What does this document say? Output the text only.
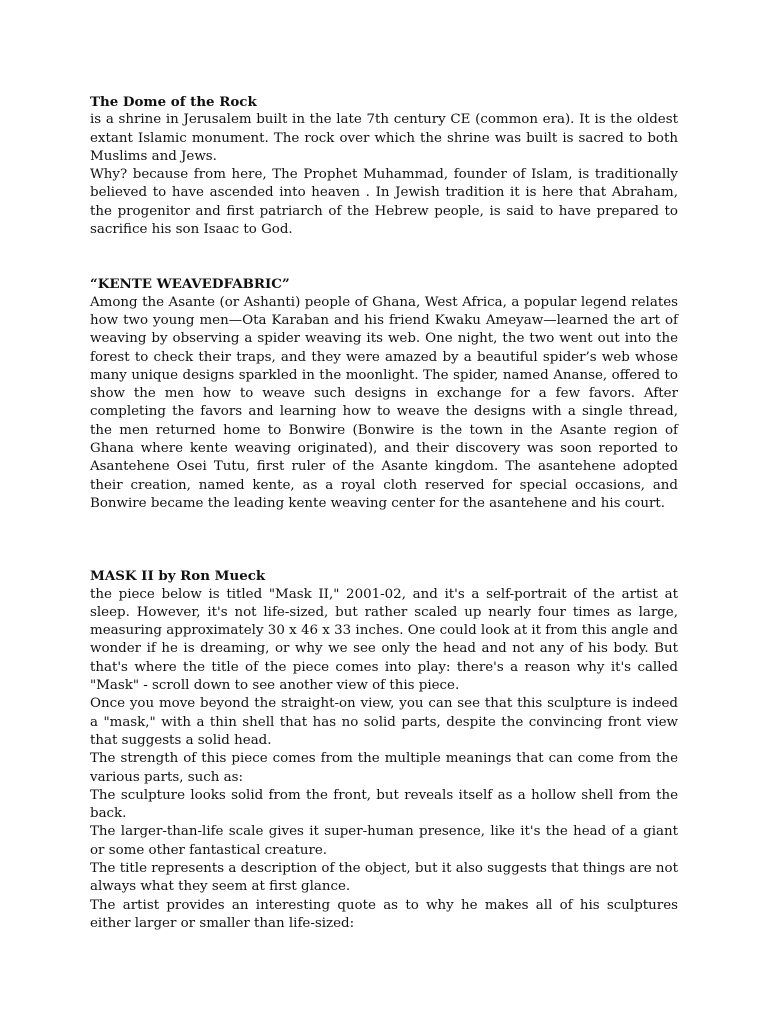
The Dome of the Rock

is a shrine in Jerusalem built in the late 7th century CE (common era). It is the oldest extant Islamic monument. The rock over which the shrine was built is sacred to both Muslims and Jews.

Why? because from here, The Prophet Muhammad, founder of Islam, is traditionally believed to have ascended into heaven . In Jewish tradition it is here that Abraham, the progenitor and first patriarch of the Hebrew people, is said to have prepared to sacrifice his son Isaac to God.

“KENTE WEAVEDFABRIC”

Among the Asante (or Ashanti) people of Ghana, West Africa, a popular legend relates how two young men—Ota Karaban and his friend Kwaku Ameyaw—learned the art of weaving by observing a spider weaving its web. One night, the two went out into the forest to check their traps, and they were amazed by a beautiful spider’s web whose many unique designs sparkled in the moonlight. The spider, named Ananse, offered to show the men how to weave such designs in exchange for a few favors. After completing the favors and learning how to weave the designs with a single thread, the men returned home to Bonwire (Bonwire is the town in the Asante region of Ghana where kente weaving originated), and their discovery was soon reported to Asantehene Osei Tutu, first ruler of the Asante kingdom. The asantehene adopted their creation, named kente, as a royal cloth reserved for special occasions, and Bonwire became the leading kente weaving center for the asantehene and his court.

MASK II by Ron Mueck

the piece below is titled "Mask II," 2001-02, and it's a self-portrait of the artist at sleep. However, it's not life-sized, but rather scaled up nearly four times as large, measuring approximately 30 x 46 x 33 inches. One could look at it from this angle and wonder if he is dreaming, or why we see only the head and not any of his body. But that's where the title of the piece comes into play: there's a reason why it's called "Mask" - scroll down to see another view of this piece.

Once you move beyond the straight-on view, you can see that this sculpture is indeed a "mask," with a thin shell that has no solid parts, despite the convincing front view that suggests a solid head.

The strength of this piece comes from the multiple meanings that can come from the various parts, such as:

The sculpture looks solid from the front, but reveals itself as a hollow shell from the back.

The larger-than-life scale gives it super-human presence, like it's the head of a giant or some other fantastical creature.

The title represents a description of the object, but it also suggests that things are not always what they seem at first glance.

The artist provides an interesting quote as to why he makes all of his sculptures either larger or smaller than life-sized:
